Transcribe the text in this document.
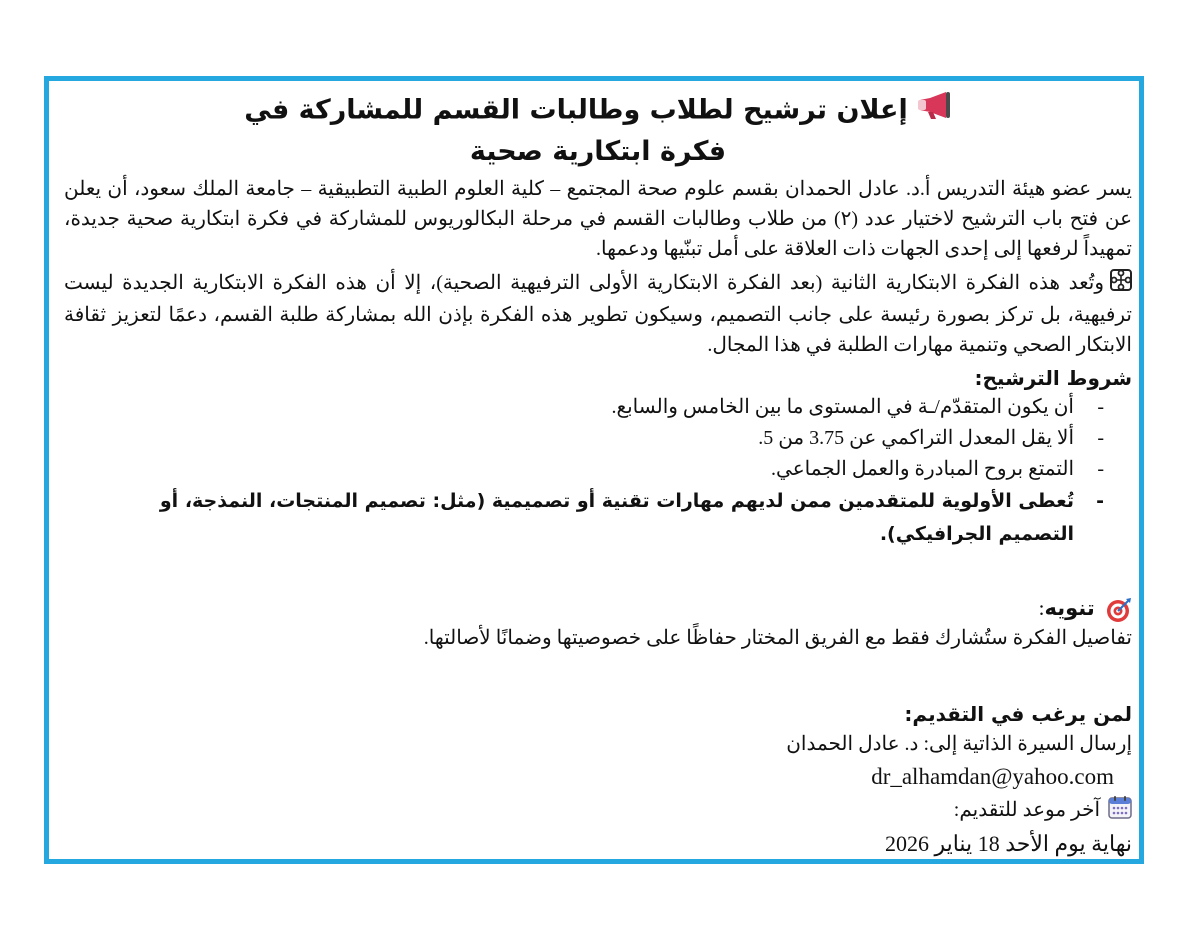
إعلان ترشيح لطلاب وطالبات القسم للمشاركة في فكرة ابتكارية صحية

يسر عضو هيئة التدريس أ.د. عادل الحمدان بقسم علوم صحة المجتمع – كلية العلوم الطبية التطبيقية – جامعة الملك سعود، أن يعلن عن فتح باب الترشيح لاختيار عدد (٢) من طلاب وطالبات القسم في مرحلة البكالوريوس للمشاركة في فكرة ابتكارية صحية جديدة، تمهيداً لرفعها إلى إحدى الجهات ذات العلاقة على أمل تبنّيها ودعمها.

وتُعد هذه الفكرة الابتكارية الثانية (بعد الفكرة الابتكارية الأولى الترفيهية الصحية)، إلا أن هذه الفكرة الابتكارية الجديدة ليست ترفيهية، بل تركز بصورة رئيسة على جانب التصميم، وسيكون تطوير هذه الفكرة بإذن الله بمشاركة طلبة القسم، دعمًا لتعزيز ثقافة الابتكار الصحي وتنمية مهارات الطلبة في هذا المجال.

شروط الترشيح:
- أن يكون المتقدّم/ـة في المستوى ما بين الخامس والسابع.
- ألا يقل المعدل التراكمي عن 3.75 من 5.
- التمتع بروح المبادرة والعمل الجماعي.
- تُعطى الأولوية للمتقدمين ممن لديهم مهارات تقنية أو تصميمية (مثل: تصميم المنتجات، النمذجة، أو التصميم الجرافيكي).
تنويه:
تفاصيل الفكرة ستُشارك فقط مع الفريق المختار حفاظًا على خصوصيتها وضمانًا لأصالتها.
لمن يرغب في التقديم:
إرسال السيرة الذاتية إلى: د. عادل الحمدان
dr_alhamdan@yahoo.com
آخر موعد للتقديم:
نهاية يوم الأحد 18 يناير 2026
